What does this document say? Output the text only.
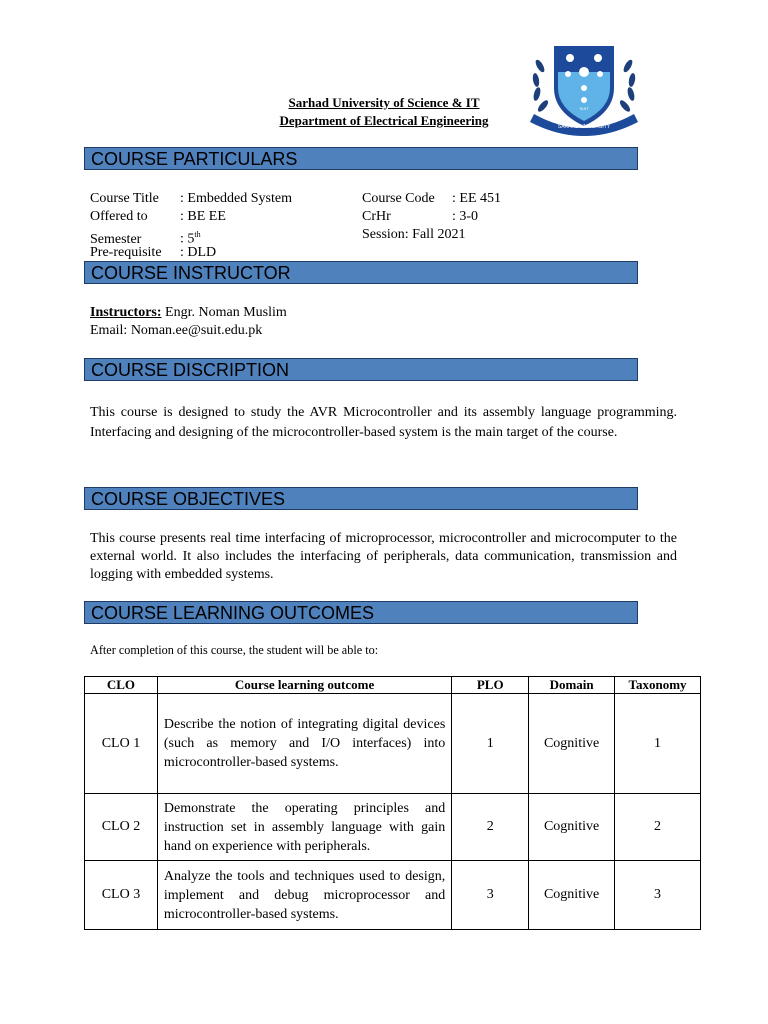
Sarhad University of Science & IT
Department of Electrical Engineering	SARHAD UNIVERSITY
SUIT
COURSE PARTICULARS
Course Title : Embedded System
Offered to : BE EE
Semester	: 5th
Pre-requisite : DLD
Course Code : EE 451
CrHr	: 3-0
Session: Fall 2021
COURSE INSTRUCTOR
Instructors: Engr. Noman Muslim
Email: Noman.ee@suit.edu.pk
COURSE DISCRIPTION
This course is designed to study the AVR Microcontroller and its assembly language programming. Interfacing and designing of the microcontroller-based system is the main target of the course.
COURSE OBJECTIVES
This course presents real time interfacing of microprocessor, microcontroller and microcomputer to the external world. It also includes the interfacing of peripherals, data communication, transmission and logging with embedded systems.
COURSE LEARNING OUTCOMES
After completion of this course, the student will be able to:
CLO	Course learning outcome	PLO	Domain	Taxonomy
CLO 1	Describe the notion of integrating digital devices (such as memory and I/O interfaces) into microcontroller-based systems.	1	Cognitive	1
CLO 2	Demonstrate the operating principles and instruction set in assembly language with gain hand on experience with peripherals.	2	Cognitive	2
CLO 3	Analyze the tools and techniques used to design, implement and debug microprocessor and microcontroller-based systems.	3	Cognitive	3
